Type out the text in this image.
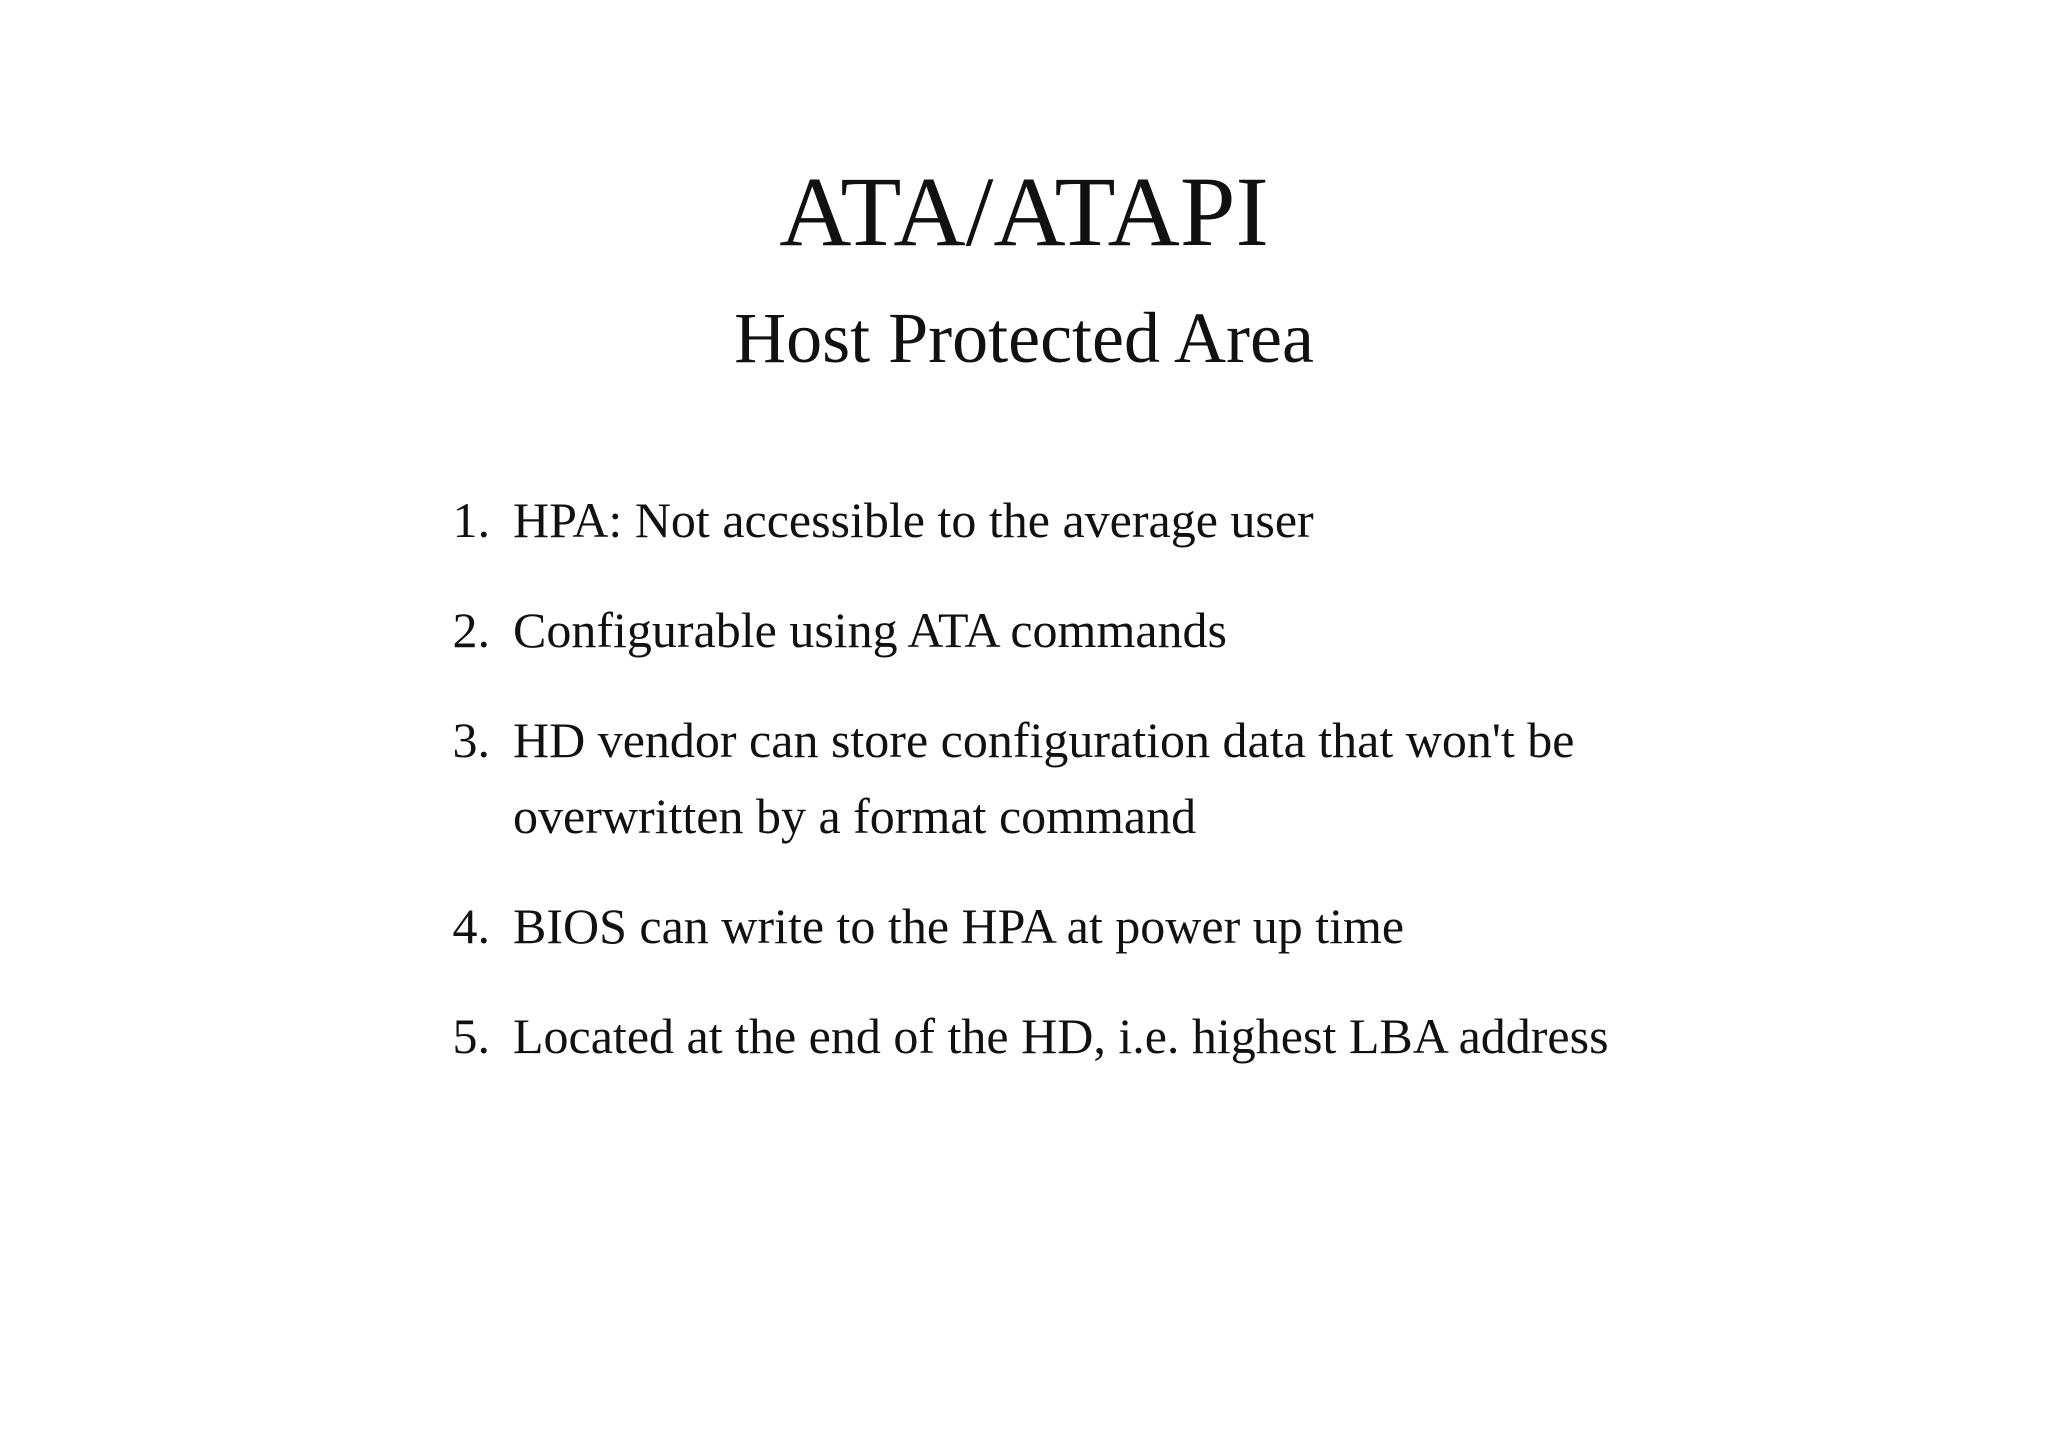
ATA/ATAPI
Host Protected Area
1. HPA: Not accessible to the average user
2. Configurable using ATA commands
3. HD vendor can store configuration data that won't be overwritten by a format command
4. BIOS can write to the HPA at power up time
5. Located at the end of the HD, i.e. highest LBA address
